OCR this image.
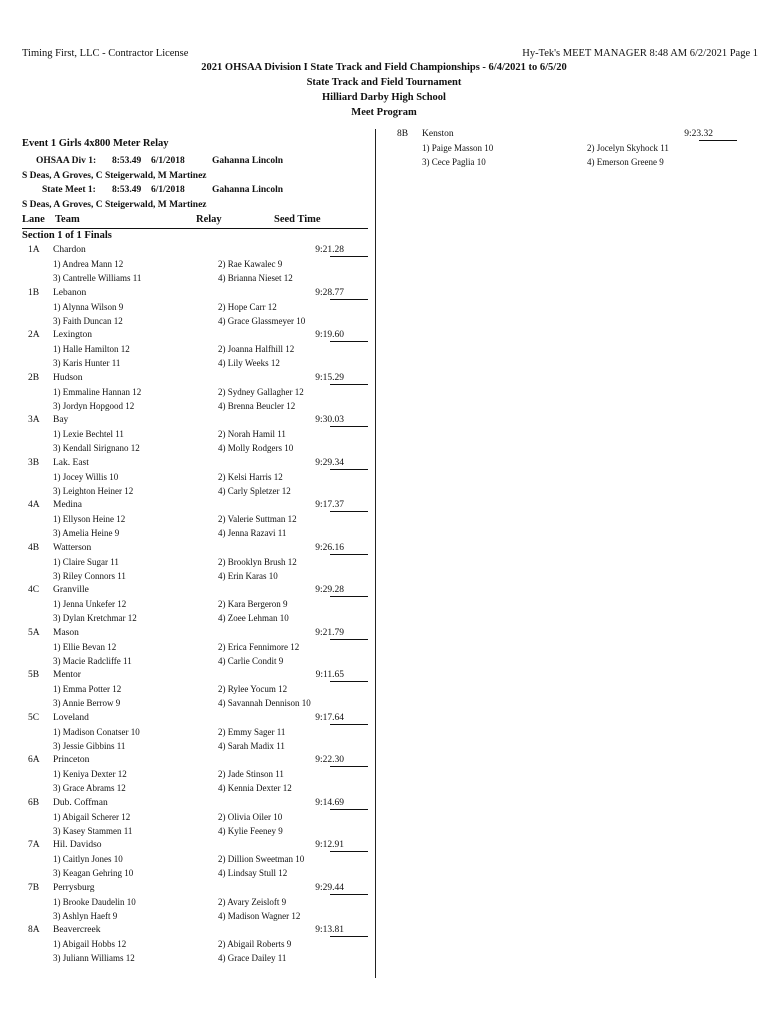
Timing First, LLC - Contractor License	Hy-Tek's MEET MANAGER 8:48 AM 6/2/2021 Page 1
2021 OHSAA Division I State Track and Field Championships - 6/4/2021 to 6/5/20
State Track and Field Tournament
Hilliard Darby High School
Meet Program
Event 1 Girls 4x800 Meter Relay
OHSAA Div 1: 8:53.49 6/1/2018	Gahanna Lincoln
S Deas, A Groves, C Steigerwald, M Martinez
State Meet 1: 8:53.49 6/1/2018	Gahanna Lincoln
S Deas, A Groves, C Steigerwald, M Martinez
Lane Team	Relay	Seed Time
Section 1 of 1 Finals
1A Chardon	9:21.28
1) Andrea Mann 12	2) Rae Kawalec 9
3) Cantrelle Williams 11	4) Brianna Nieset 12
1B Lebanon	9:28.77
1) Alynna Wilson 9	2) Hope Carr 12
3) Faith Duncan 12	4) Grace Glassmeyer 10
2A Lexington	9:19.60
1) Halle Hamilton 12	2) Joanna Halfhill 12
3) Karis Hunter 11	4) Lily Weeks 12
2B Hudson	9:15.29
1) Emmaline Hannan 12	2) Sydney Gallagher 12
3) Jordyn Hopgood 12	4) Brenna Beucler 12
3A Bay	9:30.03
1) Lexie Bechtel 11	2) Norah Hamil 11
3) Kendall Sirignano 12	4) Molly Rodgers 10
3B Lak. East	9:29.34
1) Jocey Willis 10	2) Kelsi Harris 12
3) Leighton Heiner 12	4) Carly Spletzer 12
4A Medina	9:17.37
1) Ellyson Heine 12	2) Valerie Suttman 12
3) Amelia Heine 9	4) Jenna Razavi 11
4B Watterson	9:26.16
1) Claire Sugar 11	2) Brooklyn Brush 12
3) Riley Connors 11	4) Erin Karas 10
4C Granville	9:29.28
1) Jenna Unkefer 12	2) Kara Bergeron 9
3) Dylan Kretchmar 12	4) Zoee Lehman 10
5A Mason	9:21.79
1) Ellie Bevan 12	2) Erica Fennimore 12
3) Macie Radcliffe 11	4) Carlie Condit 9
5B Mentor	9:11.65
1) Emma Potter 12	2) Rylee Yocum 12
3) Annie Berrow 9	4) Savannah Dennison 10
5C Loveland	9:17.64
1) Madison Conatser 10	2) Emmy Sager 11
3) Jessie Gibbins 11	4) Sarah Madix 11
6A Princeton	9:22.30
1) Keniya Dexter 12	2) Jade Stinson 11
3) Grace Abrams 12	4) Kennia Dexter 12
6B Dub. Coffman	9:14.69
1) Abigail Scherer 12	2) Olivia Oiler 10
3) Kasey Stammen 11	4) Kylie Feeney 9
7A Hil. Davidso	9:12.91
1) Caitlyn Jones 10	2) Dillion Sweetman 10
3) Keagan Gehring 10	4) Lindsay Stull 12
7B Perrysburg	9:29.44
1) Brooke Daudelin 10	2) Avary Zeisloft 9
3) Ashlyn Haeft 9	4) Madison Wagner 12
8A Beavercreek	9:13.81
1) Abigail Hobbs 12	2) Abigail Roberts 9
3) Juliann Williams 12	4) Grace Dailey 11
8B Kenston	9:23.32
1) Paige Masson 10	2) Jocelyn Skyhock 11
3) Cece Paglia 10	4) Emerson Greene 9
